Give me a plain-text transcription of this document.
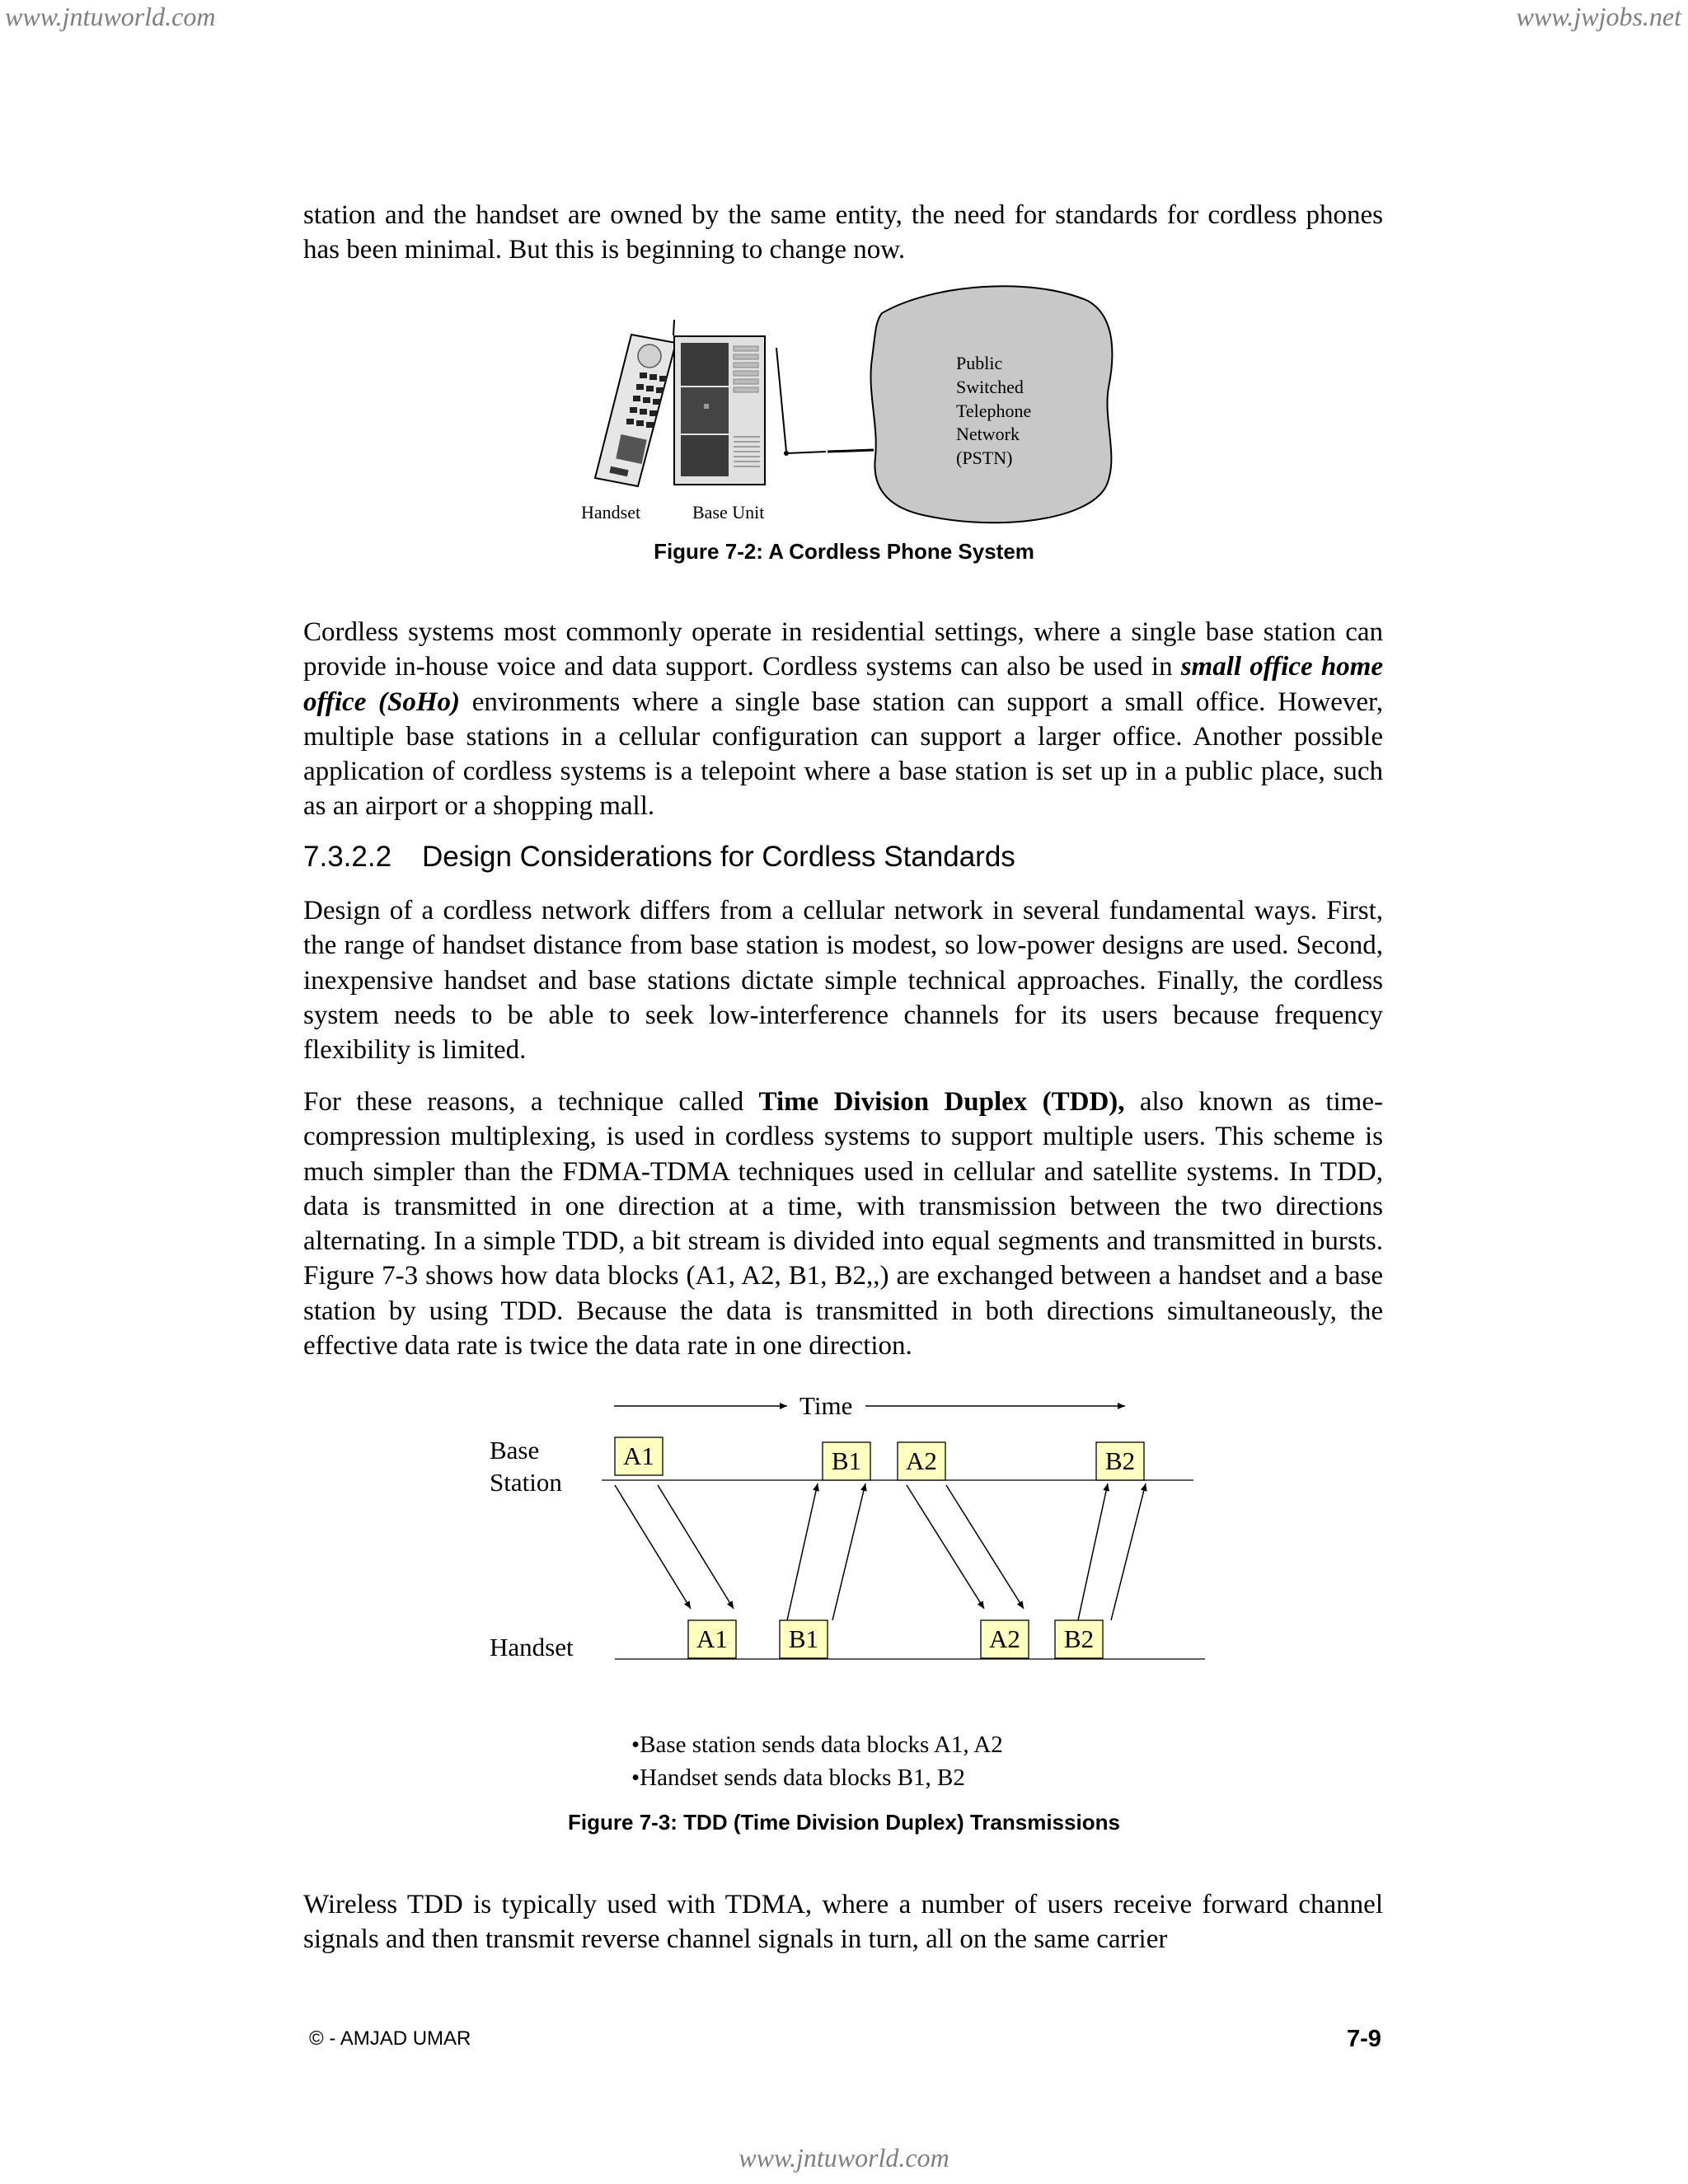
www.jntuworld.com	www.jwjobs.net

station and the handset are owned by the same entity, the need for standards for cordless phones has been minimal. But this is beginning to change now.

Public Switched Telephone Network (PSTN)
Handset	Base Unit
Figure 7-2: A Cordless Phone System

Cordless systems most commonly operate in residential settings, where a single base station can provide in-house voice and data support. Cordless systems can also be used in small office home office (SoHo) environments where a single base station can support a small office. However, multiple base stations in a cellular configuration can support a larger office. Another possible application of cordless systems is a telepoint where a base station is set up in a public place, such as an airport or a shopping mall.

7.3.2.2 Design Considerations for Cordless Standards

Design of a cordless network differs from a cellular network in several fundamental ways. First, the range of handset distance from base station is modest, so low-power designs are used. Second, inexpensive handset and base stations dictate simple technical approaches. Finally, the cordless system needs to be able to seek low-interference channels for its users because frequency flexibility is limited.

For these reasons, a technique called Time Division Duplex (TDD), also known as time-compression multiplexing, is used in cordless systems to support multiple users. This scheme is much simpler than the FDMA-TDMA techniques used in cellular and satellite systems. In TDD, data is transmitted in one direction at a time, with transmission between the two directions alternating. In a simple TDD, a bit stream is divided into equal segments and transmitted in bursts. Figure 7-3 shows how data blocks (A1, A2, B1, B2,,) are exchanged between a handset and a base station by using TDD. Because the data is transmitted in both directions simultaneously, the effective data rate is twice the data rate in one direction.

Time
Base Station
Handset
A1	B1 A2	B2
A1 B1	A2 B2
•Base station sends data blocks A1, A2
•Handset sends data blocks B1, B2
Figure 7-3: TDD (Time Division Duplex) Transmissions

Wireless TDD is typically used with TDMA, where a number of users receive forward channel signals and then transmit reverse channel signals in turn, all on the same carrier

© - AMJAD UMAR	7-9
www.jntuworld.com
